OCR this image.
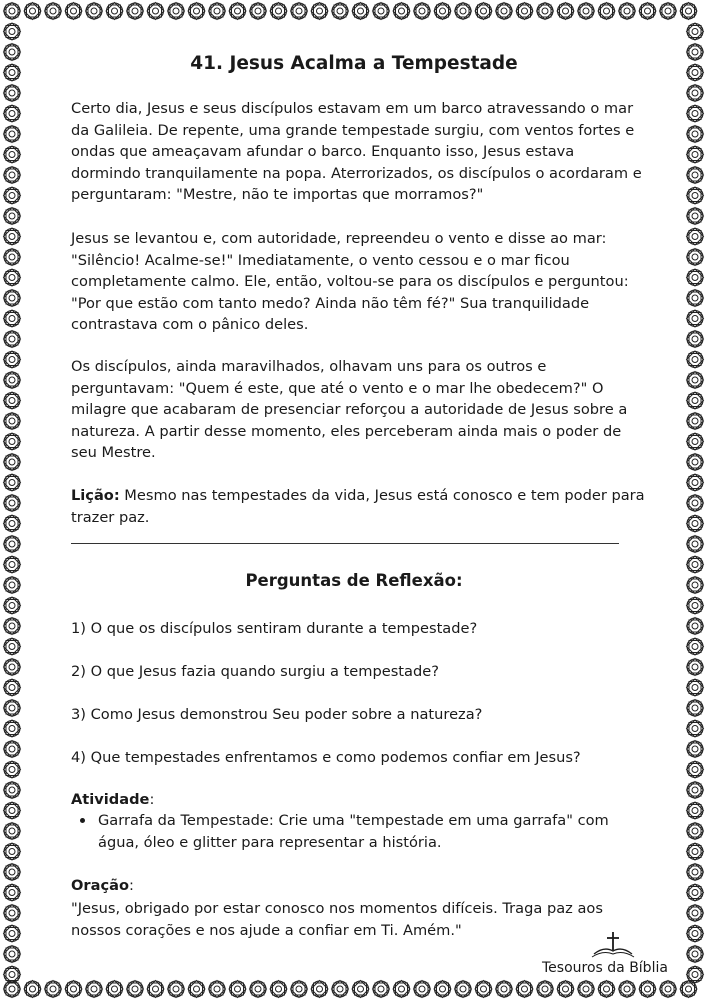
41. Jesus Acalma a Tempestade

Certo dia, Jesus e seus discípulos estavam em um barco atravessando o mar da Galileia. De repente, uma grande tempestade surgiu, com ventos fortes e ondas que ameaçavam afundar o barco. Enquanto isso, Jesus estava dormindo tranquilamente na popa. Aterrorizados, os discípulos o acordaram e perguntaram: "Mestre, não te importas que morramos?"

Jesus se levantou e, com autoridade, repreendeu o vento e disse ao mar: "Silêncio! Acalme-se!" Imediatamente, o vento cessou e o mar ficou completamente calmo. Ele, então, voltou-se para os discípulos e perguntou: "Por que estão com tanto medo? Ainda não têm fé?" Sua tranquilidade contrastava com o pânico deles.

Os discípulos, ainda maravilhados, olhavam uns para os outros e perguntavam: "Quem é este, que até o vento e o mar lhe obedecem?" O milagre que acabaram de presenciar reforçou a autoridade de Jesus sobre a natureza. A partir desse momento, eles perceberam ainda mais o poder de seu Mestre.

Lição: Mesmo nas tempestades da vida, Jesus está conosco e tem poder para trazer paz.

Perguntas de Reflexão:

1) O que os discípulos sentiram durante a tempestade?

2) O que Jesus fazia quando surgiu a tempestade?

3) Como Jesus demonstrou Seu poder sobre a natureza?

4) Que tempestades enfrentamos e como podemos confiar em Jesus?

Atividade:

Garrafa da Tempestade: Crie uma "tempestade em uma garrafa" com água, óleo e glitter para representar a história.

Oração:

"Jesus, obrigado por estar conosco nos momentos difíceis. Traga paz aos nossos corações e nos ajude a confiar em Ti. Amém."

Tesouros da Bíblia
